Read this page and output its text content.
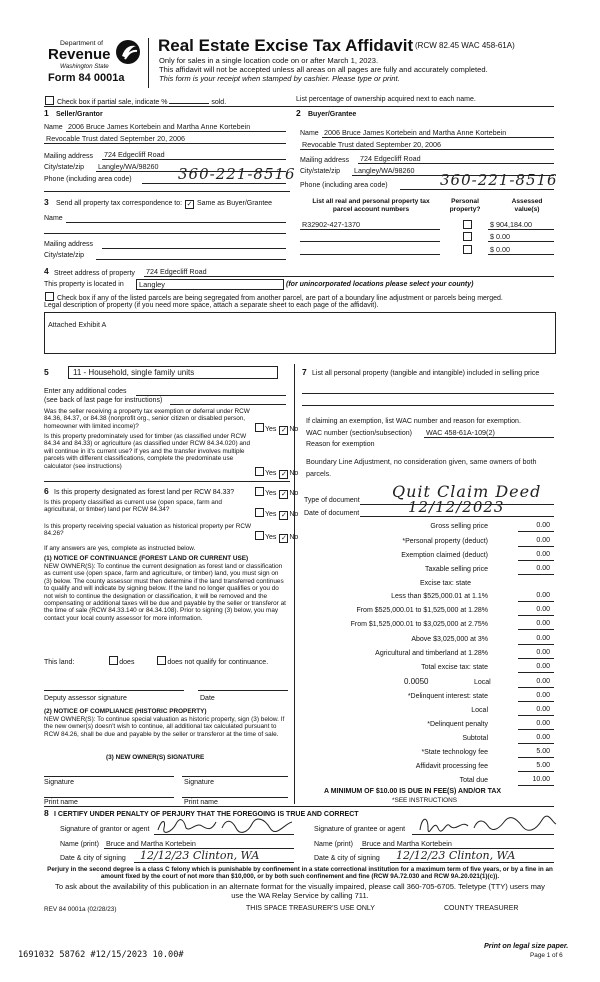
Department of
Revenue
Washington State
Form 84 0001a
Real Estate Excise Tax Affidavit (RCW 82.45 WAC 458-61A)
Only for sales in a single location code on or after March 1, 2023.
This affidavit will not be accepted unless all areas on all pages are fully and accurately completed.
This form is your receipt when stamped by cashier. Please type or print.
Check box if partial sale, indicate %	sold.	List percentage of ownership acquired next to each name.
1 Seller/Grantor
Name 2006 Bruce James Kortebein and Martha Anne Kortebein
Revocable Trust dated September 20, 2006
Mailing address 724 Edgecliff Road
City/state/zip Langley/WA/98260
Phone (including area code)	360-221-8516
2 Buyer/Grantee
Name 2006 Bruce James Kortebein and Martha Anne Kortebein
Revocable Trust dated September 20, 2006
Mailing address 724 Edgecliff Road
City/state/zip Langley/WA/98260
Phone (including area code)	360-221-8516
3 Send all property tax correspondence to: ✓ Same as Buyer/Grantee
Name
Mailing address
City/state/zip
List all real and personal property tax parcel account numbers
Personal property?
Assessed value(s)
R32902-427-1370	$ 904,184.00
$ 0.00
$ 0.00
4 Street address of property 724 Edgecliff Road
This property is located in	Langley	(for unincorporated locations please select your county)
Check box if any of the listed parcels are being segregated from another parcel, are part of a boundary line adjustment or parcels being merged.
Legal description of property (if you need more space, attach a separate sheet to each page of the affidavit).
Attached Exhibit A
5	11 - Household, single family units
Enter any additional codes
(see back of last page for instructions)
Was the seller receiving a property tax exemption or deferral under RCW 84.36, 84.37, or 84.38 (nonprofit org., senior citizen or disabled person, homeowner with limited income)?	Yes ✓ No
Is this property predominately used for timber (as classified under RCW 84.34 and 84.33) or agriculture (as classified under RCW 84.34.020) and will continue in it's current use? If yes and the transfer involves multiple parcels with different classifications, complete the predominate use calculator (see instructions)
Yes ✓ No
6 Is this property designated as forest land per RCW 84.33?	Yes ✓ No
Is this property classified as current use (open space, farm and agricultural, or timber) land per RCW 84.34?
Yes ✓ No
Is this property receiving special valuation as historical property per RCW 84.26?
Yes ✓ No
If any answers are yes, complete as instructed below.
(1) NOTICE OF CONTINUANCE (FOREST LAND OR CURRENT USE)
NEW OWNER(S): To continue the current designation as forest land or classification as current use (open space, farm and agriculture, or timber) land, you must sign on (3) below. The county assessor must then determine if the land transferred continues to qualify and will indicate by signing below. If the land no longer qualifies or you do not wish to continue the designation or classification, it will be removed and the compensating or additional taxes will be due and payable by the seller or transferor at the time of sale (RCW 84.33.140 or 84.34.108). Prior to signing (3) below, you may contact your local county assessor for more information.
This land:	does	does not qualify for continuance.
Deputy assessor signature	Date
(2) NOTICE OF COMPLIANCE (HISTORIC PROPERTY)
NEW OWNER(S): To continue special valuation as historic property, sign (3) below. If the new owner(s) doesn't wish to continue, all additional tax calculated pursuant to RCW 84.26, shall be due and payable by the seller or transferor at the time of sale.
(3) NEW OWNER(S) SIGNATURE
Signature	Signature
Print name	Print name
7 List all personal property (tangible and intangible) included in selling price
If claiming an exemption, list WAC number and reason for exemption.
WAC number (section/subsection) WAC 458-61A-109(2)
Reason for exemption
Boundary Line Adjustment, no consideration given, same owners of both parcels.
Type of document Quit Claim Deed
Date of document	12/12/2023
Gross selling price	0.00
*Personal property (deduct)	0.00
Exemption claimed (deduct)	0.00
Taxable selling price	0.00
Excise tax: state
Less than $525,000.01 at 1.1%	0.00
From $525,000.01 to $1,525,000 at 1.28%	0.00
From $1,525,000.01 to $3,025,000 at 2.75%	0.00
Above $3,025,000 at 3%	0.00
Agricultural and timberland at 1.28%	0.00
Total excise tax: state	0.00
0.0050	Local	0.00
*Delinquent interest: state	0.00
Local	0.00
*Delinquent penalty	0.00
Subtotal	0.00
*State technology fee	5.00
Affidavit processing fee	5.00
Total due	10.00
A MINIMUM OF $10.00 IS DUE IN FEE(S) AND/OR TAX
*SEE INSTRUCTIONS
8 I CERTIFY UNDER PENALTY OF PERJURY THAT THE FOREGOING IS TRUE AND CORRECT
Signature of grantor or agent
Name (print) Bruce and Martha Kortebein
Date & city of signing 12/12/23 Clinton, WA
Signature of grantee or agent
Name (print) Bruce and Martha Kortebein
Date & city of signing 12/12/23 Clinton, WA
Perjury in the second degree is a class C felony which is punishable by confinement in a state correctional institution for a maximum term of five years, or by a fine in an amount fixed by the court of not more than $10,000, or by both such confinement and fine (RCW 9A.72.030 and RCW 9A.20.021(1)(c)).
To ask about the availability of this publication in an alternate format for the visually impaired, please call 360-705-6705. Teletype (TTY) users may use the WA Relay Service by calling 711.
REV 84 0001a (02/28/23)	THIS SPACE TREASURER'S USE ONLY	COUNTY TREASURER
1691032 58762 #12/15/2023 10.00#
Print on legal size paper.
Page 1 of 6
